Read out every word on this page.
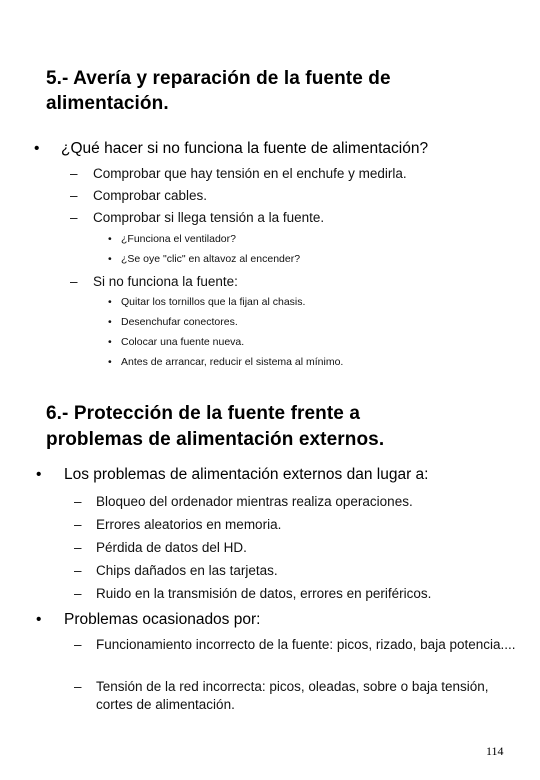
5.- Avería y reparación de la fuente de
alimentación.
• ¿Qué hacer si no funciona la fuente de alimentación?
– Comprobar que hay tensión en el enchufe y medirla.
– Comprobar cables.
– Comprobar si llega tensión a la fuente.
• ¿Funciona el ventilador?
• ¿Se oye "clic" en altavoz al encender?
– Si no funciona la fuente:
• Quitar los tornillos que la fijan al chasis.
• Desenchufar conectores.
• Colocar una fuente nueva.
• Antes de arrancar, reducir el sistema al mínimo.
6.- Protección de la fuente frente a
problemas de alimentación externos.
• Los problemas de alimentación externos dan lugar a:
– Bloqueo del ordenador mientras realiza operaciones.
– Errores aleatorios en memoria.
– Pérdida de datos del HD.
– Chips dañados en las tarjetas.
– Ruido en la transmisión de datos, errores en periféricos.
• Problemas ocasionados por:
– Funcionamiento incorrecto de la fuente: picos, rizado, baja potencia....
– Tensión de la red incorrecta: picos, oleadas, sobre o baja tensión, cortes de alimentación.
114
